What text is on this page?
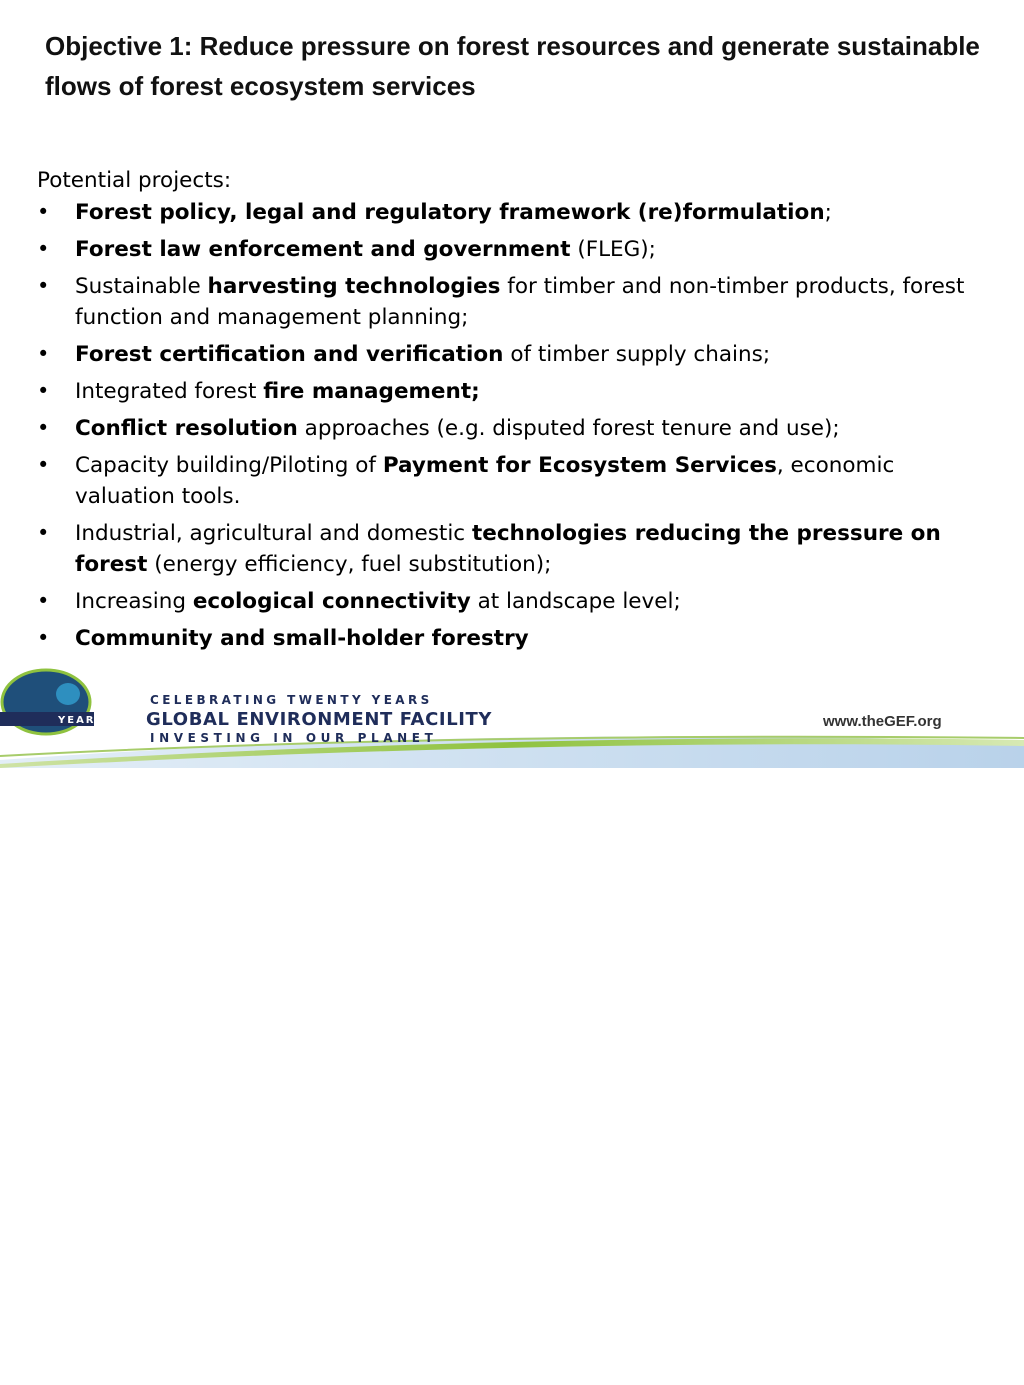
Objective 1: Reduce pressure on forest resources and generate sustainable flows of forest ecosystem services

Potential projects:

• Forest policy, legal and regulatory framework (re)formulation;
• Forest law enforcement and government (FLEG);
• Sustainable harvesting technologies for timber and non-timber products, forest function and management planning;
• Forest certification and verification of timber supply chains;
• Integrated forest fire management;
• Conflict resolution approaches (e.g. disputed forest tenure and use);
• Capacity building/Piloting of Payment for Ecosystem Services, economic valuation tools.
• Industrial, agricultural and domestic technologies reducing the pressure on forest (energy efficiency, fuel substitution);
• Increasing ecological connectivity at landscape level;
• Community and small-holder forestry
20
YEARS
CELEBRATING TWENTY YEARS
GLOBAL ENVIRONMENT FACILITY
INVESTING IN OUR PLANET
www.theGEF.org
